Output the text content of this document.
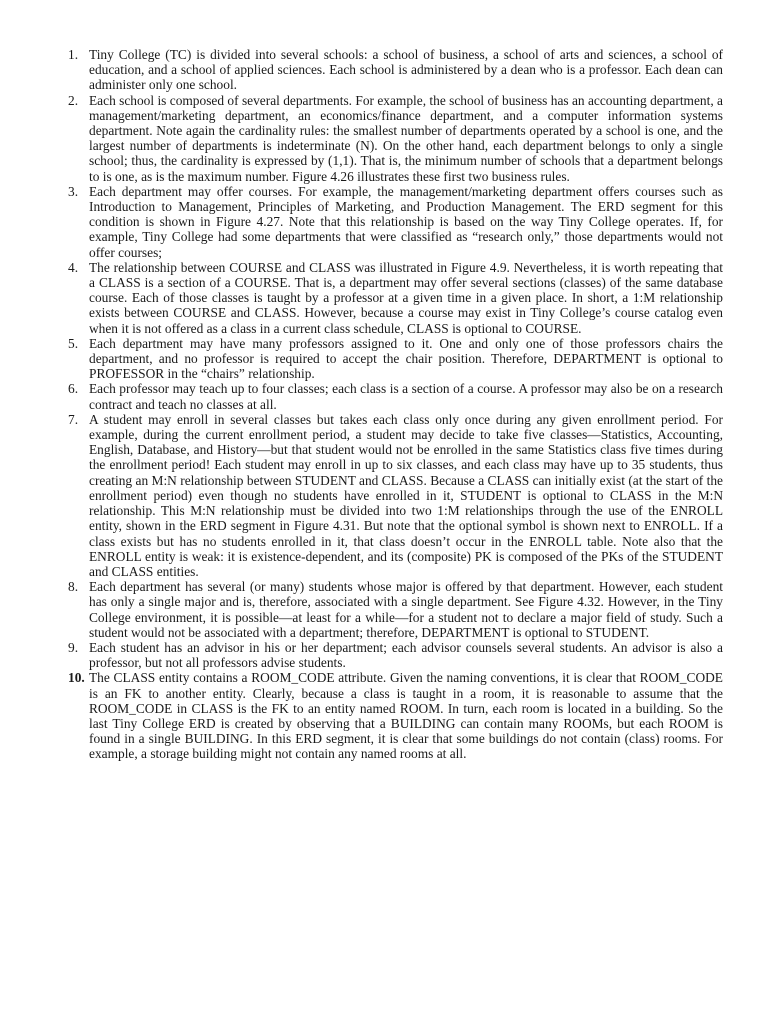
1. Tiny College (TC) is divided into several schools: a school of business, a school of arts and sciences, a school of education, and a school of applied sciences. Each school is administered by a dean who is a professor. Each dean can administer only one school.
2. Each school is composed of several departments. For example, the school of business has an accounting department, a management/marketing department, an economics/finance department, and a computer information systems department. Note again the cardinality rules: the smallest number of departments operated by a school is one, and the largest number of departments is indeterminate (N). On the other hand, each department belongs to only a single school; thus, the cardinality is expressed by (1,1). That is, the minimum number of schools that a department belongs to is one, as is the maximum number. Figure 4.26 illustrates these first two business rules.
3. Each department may offer courses. For example, the management/marketing department offers courses such as Introduction to Management, Principles of Marketing, and Production Management. The ERD segment for this condition is shown in Figure 4.27. Note that this relationship is based on the way Tiny College operates. If, for example, Tiny College had some departments that were classified as “research only,” those departments would not offer courses;
4. The relationship between COURSE and CLASS was illustrated in Figure 4.9. Nevertheless, it is worth repeating that a CLASS is a section of a COURSE. That is, a department may offer several sections (classes) of the same database course. Each of those classes is taught by a professor at a given time in a given place. In short, a 1:M relationship exists between COURSE and CLASS. However, because a course may exist in Tiny College’s course catalog even when it is not offered as a class in a current class schedule, CLASS is optional to COURSE.
5. Each department may have many professors assigned to it. One and only one of those professors chairs the department, and no professor is required to accept the chair position. Therefore, DEPARTMENT is optional to PROFESSOR in the “chairs” relationship.
6. Each professor may teach up to four classes; each class is a section of a course. A professor may also be on a research contract and teach no classes at all.
7. A student may enroll in several classes but takes each class only once during any given enrollment period. For example, during the current enrollment period, a student may decide to take five classes—Statistics, Accounting, English, Database, and History—but that student would not be enrolled in the same Statistics class five times during the enrollment period! Each student may enroll in up to six classes, and each class may have up to 35 students, thus creating an M:N relationship between STUDENT and CLASS. Because a CLASS can initially exist (at the start of the enrollment period) even though no students have enrolled in it, STUDENT is optional to CLASS in the M:N relationship. This M:N relationship must be divided into two 1:M relationships through the use of the ENROLL entity, shown in the ERD segment in Figure 4.31. But note that the optional symbol is shown next to ENROLL. If a class exists but has no students enrolled in it, that class doesn’t occur in the ENROLL table. Note also that the ENROLL entity is weak: it is existence-dependent, and its (composite) PK is composed of the PKs of the STUDENT and CLASS entities.
8. Each department has several (or many) students whose major is offered by that department. However, each student has only a single major and is, therefore, associated with a single department. See Figure 4.32. However, in the Tiny College environment, it is possible—at least for a while—for a student not to declare a major field of study. Such a student would not be associated with a department; therefore, DEPARTMENT is optional to STUDENT.
9. Each student has an advisor in his or her department; each advisor counsels several students. An advisor is also a professor, but not all professors advise students.
10. The CLASS entity contains a ROOM_CODE attribute. Given the naming conventions, it is clear that ROOM_CODE is an FK to another entity. Clearly, because a class is taught in a room, it is reasonable to assume that the ROOM_CODE in CLASS is the FK to an entity named ROOM. In turn, each room is located in a building. So the last Tiny College ERD is created by observing that a BUILDING can contain many ROOMs, but each ROOM is found in a single BUILDING. In this ERD segment, it is clear that some buildings do not contain (class) rooms. For example, a storage building might not contain any named rooms at all.
